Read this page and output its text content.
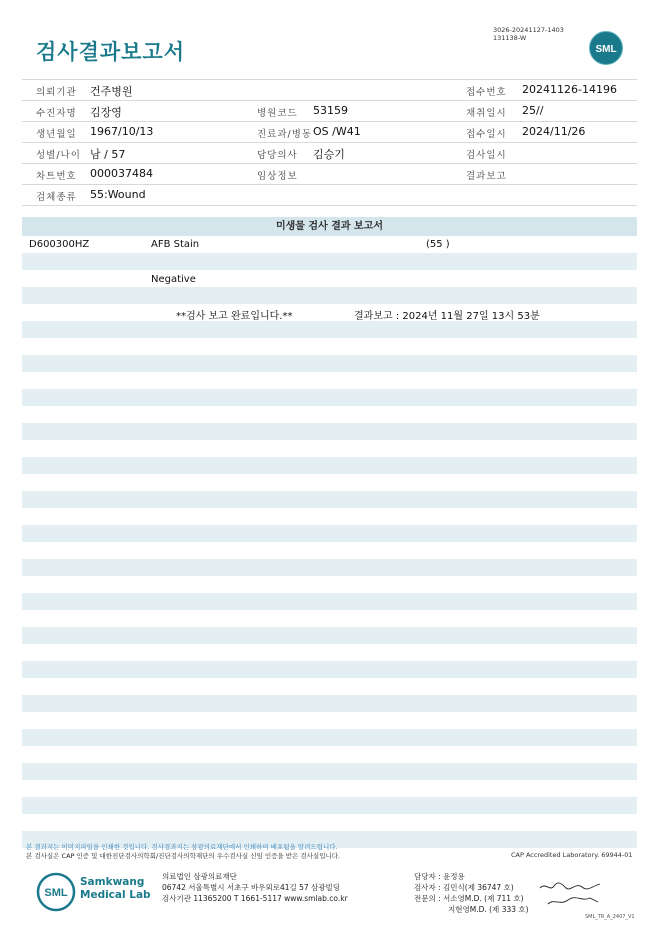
검사결과보고서
3026-20241127-1403
131138-W
SML
의뢰기관 건주병원	접수번호 20241126-14196
수진자명 김장영	병원코드 53159	채취일시 25//
생년월일 1967/10/13	진료과/병동 OS /W41	접수일시 2024/11/26
성별/나이 남 / 57	담당의사 김승기	검사일시
차트번호 000037484	임상정보	결과보고
검체종류 55:Wound
미생물 검사 결과 보고서
D600300HZ	AFB Stain	(55 )
Negative
**검사 보고 완료입니다.**	결과보고 : 2024년 11월 27일 13시 53분
본 결과지는 이미지파일을 인쇄한 것입니다. 검사결과지는 삼광의료재단에서 인쇄하여 배포됨을 알려드립니다.
본 검사실은 CAP 인증 및 대한진단검사의학회/진단검사의학재단의 우수검사실 신임 인증을 받은 검사실입니다.	CAP Accredited Laboratory. 69944-01
SML
Samkwang
Medical Lab
의료법인 삼광의료재단
06742 서울특별시 서초구 바우뫼로41길 57 삼광빌딩
검사기관 11365200 T 1661-5117 www.smlab.co.kr
담당자 : 윤정용
검사자 : 김민식(제 36747 호)
전문의 : 서소영M.D. (제 711 호)
지현영M.D. (제 333 호)
SML_TR_A_2407_V1
